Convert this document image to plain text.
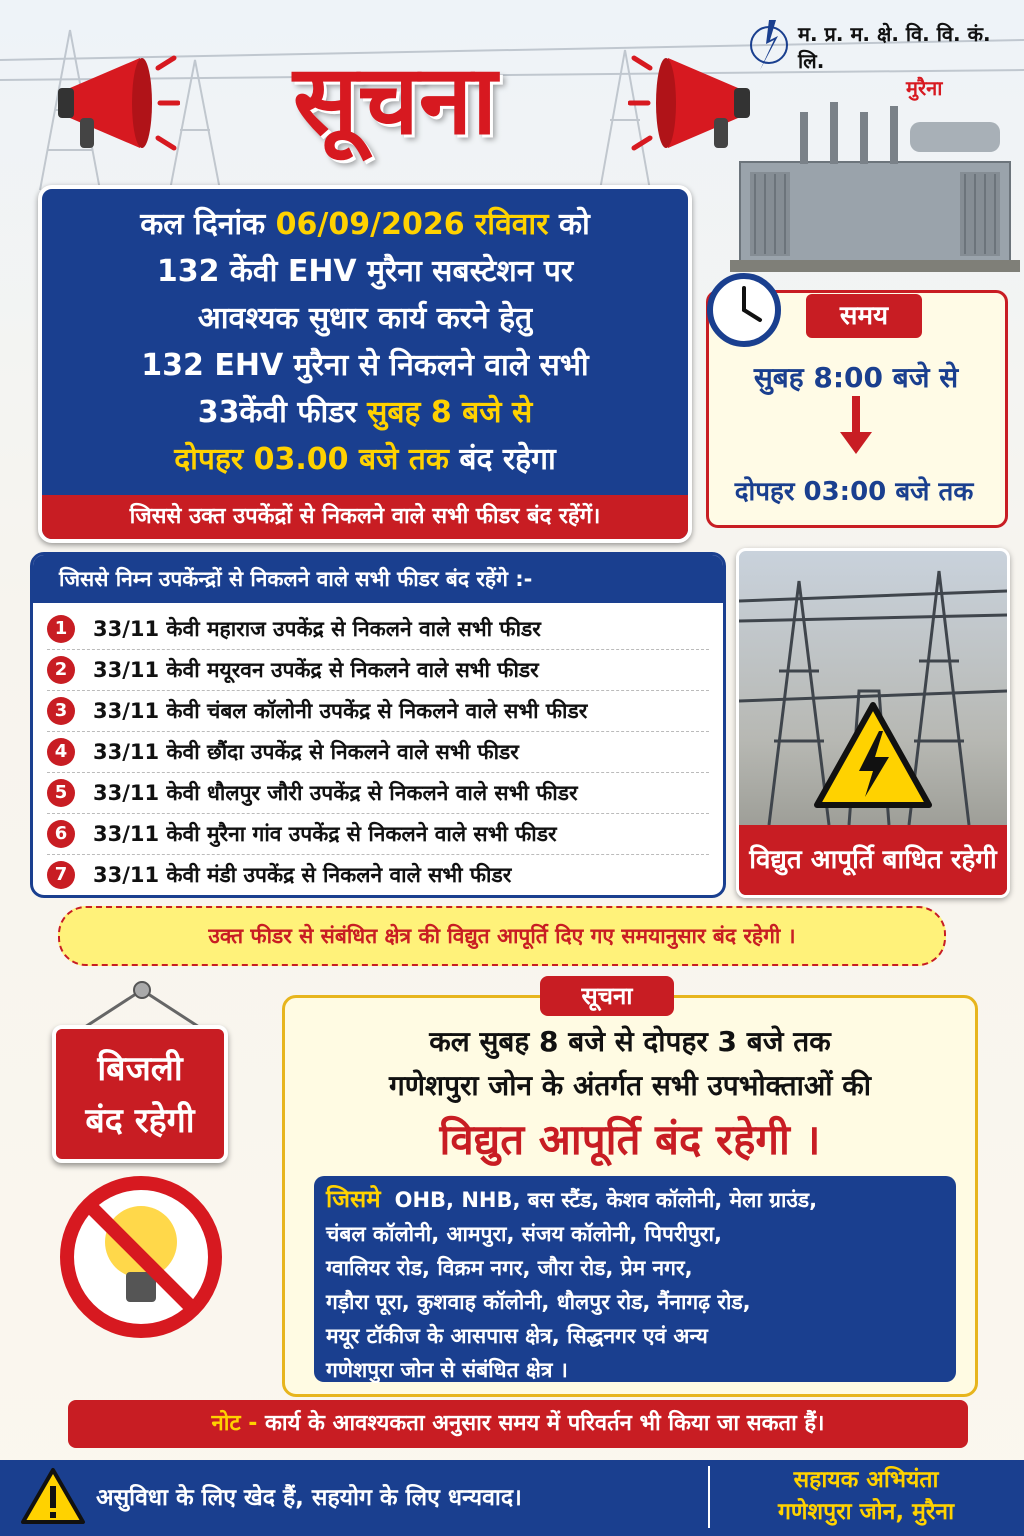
सूचना
म. प्र. म. क्षे. वि. वि. कं. लि.
मुरैना
कल दिनांक 06/09/2026 रविवार को
132 केंवी EHV मुरैना सबस्टेशन पर
आवश्यक सुधार कार्य करने हेतु
132 EHV मुरैना से निकलने वाले सभी
33केंवी फीडर सुबह 8 बजे से
दोपहर 03.00 बजे तक बंद रहेगा
जिससे उक्त उपकेंद्रों से निकलने वाले सभी फीडर बंद रहेंगें।
समय
सुबह 8:00 बजे से
दोपहर 03:00 बजे तक
जिससे निम्न उपकेंन्द्रों से निकलने वाले सभी फीडर बंद रहेंगे :-
1	33/11 केवी महाराज उपकेंद्र से निकलने वाले सभी फीडर
2	33/11 केवी मयूरवन उपकेंद्र से निकलने वाले सभी फीडर
3	33/11 केवी चंबल कॉलोनी उपकेंद्र से निकलने वाले सभी फीडर
4	33/11 केवी छौंदा उपकेंद्र से निकलने वाले सभी फीडर
5	33/11 केवी धौलपुर जौरी उपकेंद्र से निकलने वाले सभी फीडर
6	33/11 केवी मुरैना गांव उपकेंद्र से निकलने वाले सभी फीडर
7	33/11 केवी मंडी उपकेंद्र से निकलने वाले सभी फीडर	विद्युत आपूर्ति बाधित रहेगी
उक्त फीडर से संबंधित क्षेत्र की विद्युत आपूर्ति दिए गए समयानुसार बंद रहेगी ।
बिजली
बंद रहेगी
सूचना
कल सुबह 8 बजे से दोपहर 3 बजे तक
गणेशपुरा जोन के अंतर्गत सभी उपभोक्ताओं की
विद्युत आपूर्ति बंद रहेगी ।
जिसमे OHB, NHB, बस स्टैंड, केशव कॉलोनी, मेला ग्राउंड,
चंबल कॉलोनी, आमपुरा, संजय कॉलोनी, पिपरीपुरा,
ग्वालियर रोड, विक्रम नगर, जौरा रोड, प्रेम नगर,
गड़ौरा पूरा, कुशवाह कॉलोनी, धौलपुर रोड, नैंनागढ़ रोड,
मयूर टॉकीज के आसपास क्षेत्र, सिद्धनगर एवं अन्य
गणेशपुरा जोन से संबंधित क्षेत्र ।
नोट - कार्य के आवश्यकता अनुसार समय में परिवर्तन भी किया जा सकता हैं।
असुविधा के लिए खेद हैं, सहयोग के लिए धन्यवाद।
सहायक अभियंता
गणेशपुरा जोन, मुरैना
